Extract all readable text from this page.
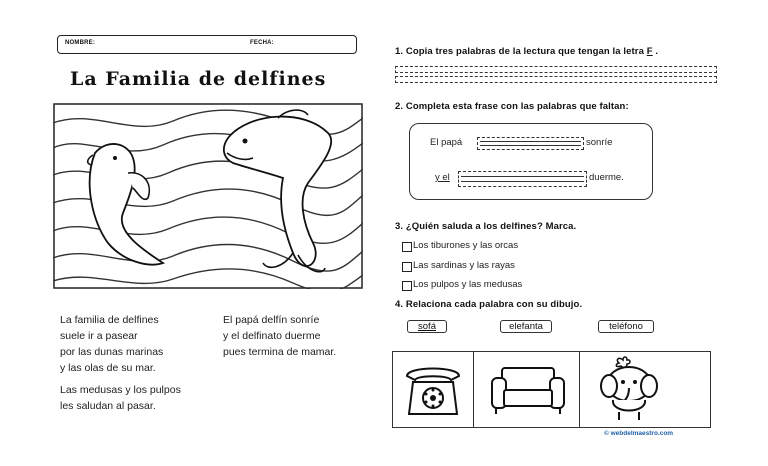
NOMBRE:	FECHA:
La Familia de delfines
La familia de delfines
suele ir a pasear
por las dunas marinas
y las olas de su mar.
Las medusas y los pulpos
les saludan al pasar.
El papá delfín sonríe
y el delfinato duerme
pues termina de mamar.
1. Copia tres palabras de la lectura que tengan la letra F .
2. Completa esta frase con las palabras que faltan:
El papá	sonríe
y el	duerme.
3. ¿Quién saluda a los delfines? Marca.
Los tiburones y las orcas
Las sardinas y las rayas
Los pulpos y las medusas
4. Relaciona cada palabra con su dibujo.
sofá	elefanta	teléfono
© webdelmaestro.com
